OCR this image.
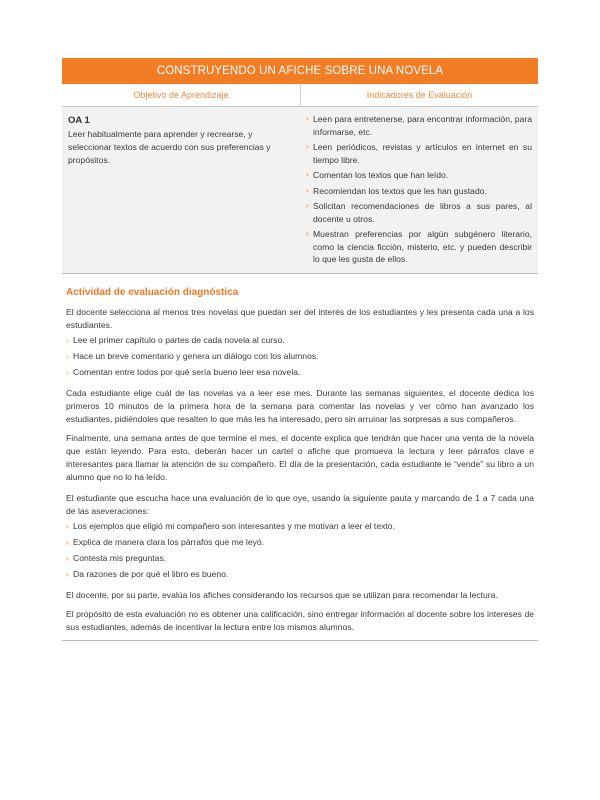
CONSTRUYENDO UN AFICHE SOBRE UNA NOVELA
Objetivo de Aprendizaje	Indicadores de Evaluación
OA 1
Leer habitualmente para aprender y recrearse, y seleccionar textos de acuerdo con sus preferencias y propósitos.
› Leen para entretenerse, para encontrar información, para informarse, etc.
› Leen periódicos, revistas y artículos en internet en su tiempo libre.
› Comentan los textos que han leído.
› Recomiendan los textos que les han gustado.
› Solicitan recomendaciones de libros a sus pares, al docente u otros.
› Muestran preferencias por algún subgénero literario, como la ciencia ficción, misterio, etc. y pueden describir lo que les gusta de ellos.
Actividad de evaluación diagnóstica

El docente selecciona al menos tres novelas que puedan ser del interés de los estudiantes y les presenta cada una a los estudiantes.

› Lee el primer capítulo o partes de cada novela al curso.
› Hace un breve comentario y genera un diálogo con los alumnos.
› Comentan entre todos por qué sería bueno leer esa novela.

Cada estudiante elige cuál de las novelas va a leer ese mes. Durante las semanas siguientes, el docente dedica los primeros 10 minutos de la primera hora de la semana para comentar las novelas y ver cómo han avanzado los estudiantes, pidiéndoles que resalten lo que más les ha interesado, pero sin arruinar las sorpresas a sus compañeros.

Finalmente, una semana antes de que termine el mes, el docente explica que tendrán que hacer una venta de la novela que están leyendo. Para esto, deberán hacer un cartel o afiche que promueva la lectura y leer párrafos clave e interesantes para llamar la atención de su compañero. El día de la presentación, cada estudiante le “vende” su libro a un alumno que no lo ha leído.

El estudiante que escucha hace una evaluación de lo que oye, usando la siguiente pauta y marcando de 1 a 7 cada una de las aseveraciones:

› Los ejemplos que eligió mi compañero son interesantes y me motivan a leer el texto.
› Explica de manera clara los párrafos que me leyó.
› Contesta mis preguntas.
› Da razones de por qué el libro es bueno.

El docente, por su parte, evalúa los afiches considerando los recursos que se utilizan para recomendar la lectura.

El propósito de esta evaluación no es obtener una calificación, sino entregar información al docente sobre los intereses de sus estudiantes, además de incentivar la lectura entre los mismos alumnos.
